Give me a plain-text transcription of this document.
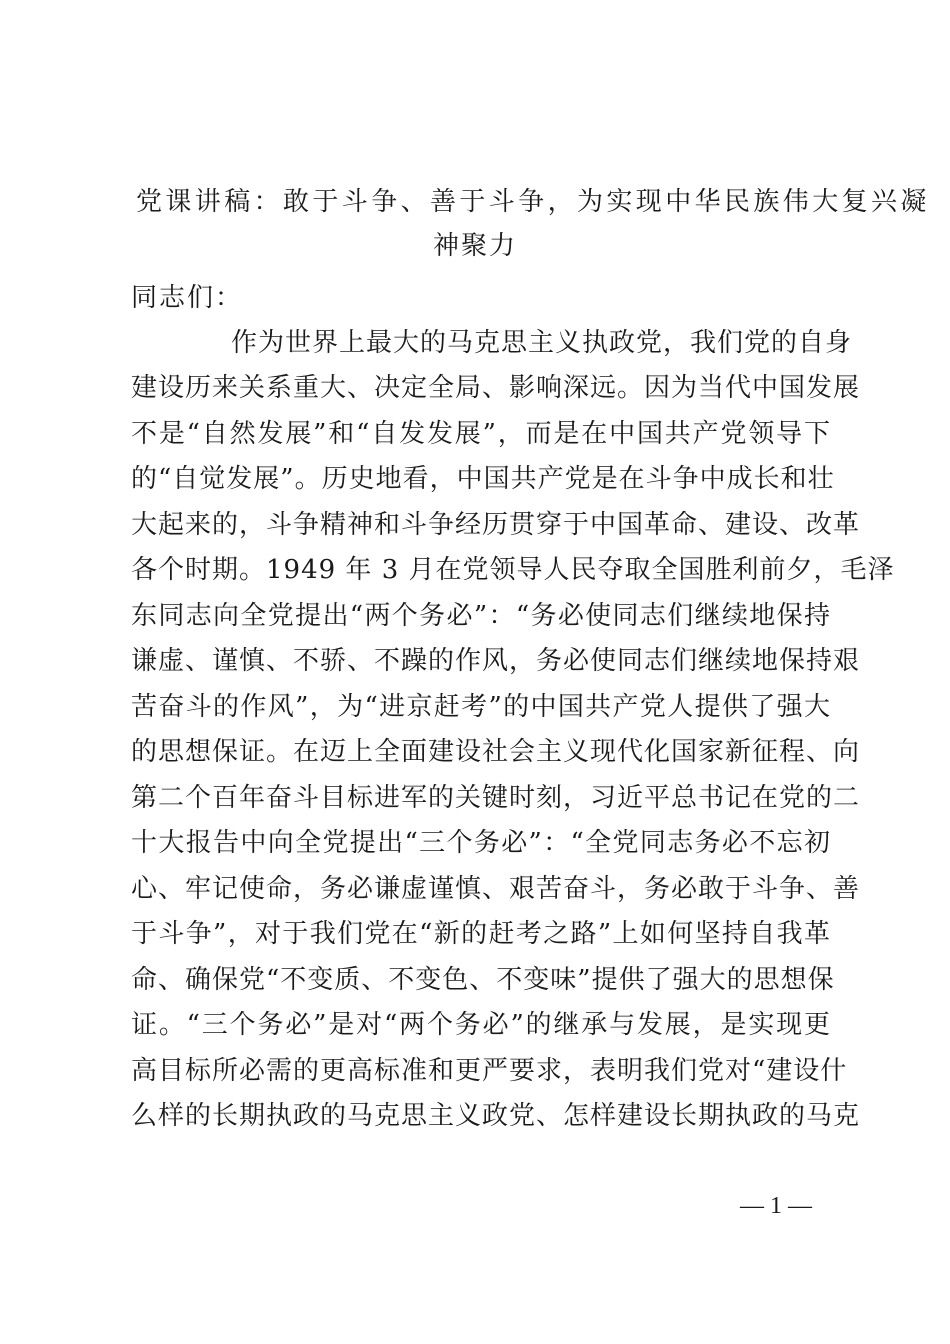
党课讲稿：敢于斗争、善于斗争，为实现中华民族伟大复兴凝
神聚力
同志们：
作为世界上最大的马克思主义执政党，我们党的自身
建设历来关系重大、决定全局、影响深远。因为当代中国发展
不是“自然发展”和“自发发展”，而是在中国共产党领导下
的“自觉发展”。历史地看，中国共产党是在斗争中成长和壮
大起来的，斗争精神和斗争经历贯穿于中国革命、建设、改革
各个时期。1949 年 3 月在党领导人民夺取全国胜利前夕，毛泽
东同志向全党提出“两个务必”：“务必使同志们继续地保持
谦虚、谨慎、不骄、不躁的作风，务必使同志们继续地保持艰
苦奋斗的作风”，为“进京赶考”的中国共产党人提供了强大
的思想保证。在迈上全面建设社会主义现代化国家新征程、向
第二个百年奋斗目标进军的关键时刻，习近平总书记在党的二
十大报告中向全党提出“三个务必”：“全党同志务必不忘初
心、牢记使命，务必谦虚谨慎、艰苦奋斗，务必敢于斗争、善
于斗争”，对于我们党在“新的赶考之路”上如何坚持自我革
命、确保党“不变质、不变色、不变味”提供了强大的思想保
证。“三个务必”是对“两个务必”的继承与发展，是实现更
高目标所必需的更高标准和更严要求，表明我们党对“建设什
么样的长期执政的马克思主义政党、怎样建设长期执政的马克
— 1 —
